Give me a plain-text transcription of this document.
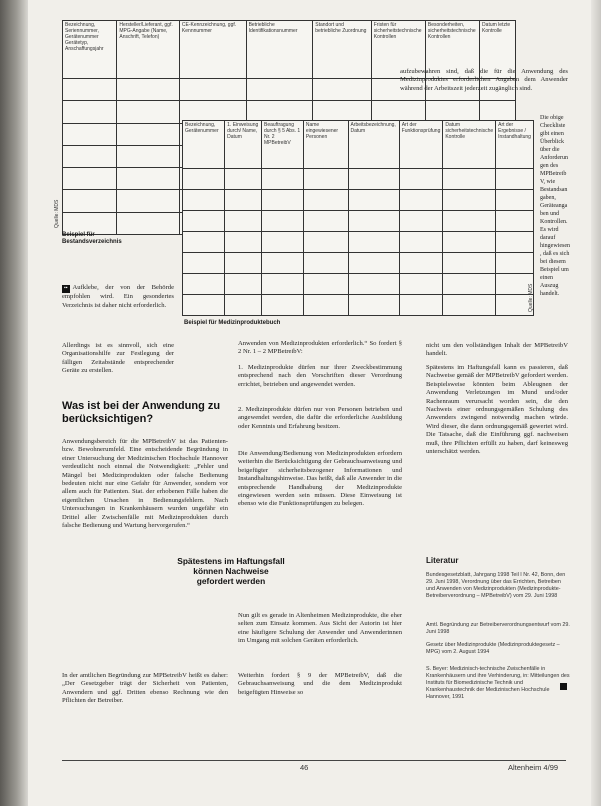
Bezeichnung, Seriennummer, Gerätenummer Gerätetyp, Anschaffungsjahr	Hersteller/Lieferant, ggf. MPG-Angabe (Name, Anschrift, Telefon)	CE-Kennzeichnung, ggf. Kennnummer	Betriebliche Identifikationsnummer	Standort und betriebliche Zuordnung	Fristen für sicherheitstechnische Kontrollen	Besonderheiten, sicherheitstechnische Kontrollen	Datum letzte Kontrolle

Quelle: MDS
Beispiel für Bestandsverzeichnis
Bezeichnung, Gerätenummer	1. Einweisung durch/ Name, Datum	Beauftragung durch § 5 Abs. 1 Nr. 2 MPBetreibV	Name eingewiesener Personen	Arbeitsbezeichnung, Datum	Art der Funktionsprüfung	Datum sicherheitstechnische Kontrolle	Art der Ergebnisse / Instandhaltung

Quelle: MDS
Beispiel für Medizinproduktebuch
aufzubewahren sind, daß die für die Anwendung des Medizinproduktes erforderlichen Angaben dem Anwender während der Arbeitszeit jederzeit zugänglich sind.
Die obige Checkliste gibt einen Überblick über die Anforderungen des MPBetreibV, wie Bestandsangaben, Geräteangaben und Kontrollen. Es wird darauf hingewiesen, daß es sich bei diesem Beispiel um einen Auszug handelt.
▪▪ Aufklebe, der von der Behörde empfohlen wird. Ein gesondertes Verzeichnis ist daher nicht erforderlich.
Allerdings ist es sinnvoll, sich eine Organisationshilfe zur Festlegung der fälligen Zeitabstände entsprechender Geräte zu erstellen.
Was ist bei der Anwendung zu berücksichtigen?
Anwendungsbereich für die MPBetreibV ist das Patienten- bzw. Bewohnerumfeld. Eine entscheidende Begründung in einer Untersuchung der Medizinischen Hochschule Hannover verdeutlicht noch einmal die Notwendigkeit: „Fehler und Mängel bei Medizinprodukten oder falsche Bedienung bedeuten nicht nur eine Gefahr für Anwender, sondern vor allem auch für Patienten. Stat. der erhobenen Fälle haben die eigentlichen Ursachen in Bedienungsfehlern. Nach Untersuchungen in Krankenhäusern wurden ungefähr ein Drittel aller Zwischenfälle mit Medizinprodukten durch falsche Bedienung und Wartung hervorgerufen.“
In der amtlichen Begründung zur MPBetreibV heißt es daher: „Der Gesetzgeber trägt der Sicherheit von Patienten, Anwendern und ggf. Dritten ebenso Rechnung wie den Pflichten der Betreiber.
Anwenden von Medizinprodukten erforderlich.“ So fordert § 2 Nr. 1 – 2 MPBetreibV:
1. Medizinprodukte dürfen nur ihrer Zweckbestimmung entsprechend nach den Vorschriften dieser Verordnung errichtet, betrieben und angewendet werden.
2. Medizinprodukte dürfen nur von Personen betrieben und angewendet werden, die dafür die erforderliche Ausbildung oder Kenntnis und Erfahrung besitzen.
Die Anwendung/Bedienung von Medizinprodukten erfordern weiterhin die Berücksichtigung der Gebrauchsanweisung und beigefügter sicherheitsbezogener Informationen und Instandhaltungshinweise. Das heißt, daß alle Anwender in die entsprechende Handhabung der Medizinprodukte eingewiesen werden sein müssen. Diese Einweisung ist ebenso wie die Funktionsprüfungen zu belegen.
Spätestens im Haftungsfall können Nachweise gefordert werden
Nun gilt es gerade in Altenheimen Medizinprodukte, die eher selten zum Einsatz kommen. Aus Sicht der Autorin ist hier eine häufigere Schulung der Anwender und Anwenderinnen im Umgang mit solchen Geräten erforderlich.
Weiterhin fordert § 9 der MPBetreibV, daß die Gebrauchsanweisung und die dem Medizinprodukt beigefügten Hinweise so
nicht um den vollständigen Inhalt der MPBetreibV handelt.
Spätestens im Haftungsfall kann es passieren, daß Nachweise gemäß der MPBetreibV gefordert werden. Beispielsweise könnten beim Ableugnen der Anwendung Verletzungen im Mund und/oder Rachenraum verursacht worden sein, die den Nachweis einer ordnungsgemäßen Schulung des Anwenders zwingend notwendig machen würde. Wird dieser, die dann ordnungsgemäß gewertet wird. Die Tatsache, daß die Einführung ggf. nachweisen muß, ihre Pflichten erfüllt zu haben, darf keinesweg unterschätzt werden.
Literatur
Bundesgesetzblatt, Jahrgang 1998 Teil I Nr. 42, Bonn, den 29. Juni 1998, Verordnung über das Errichten, Betreiben und Anwenden von Medizinprodukten (Medizinprodukte-Betreiberverordnung – MPBetreibV) vom 29. Juni 1998
Amtl. Begründung zur Betreiberverordnungsentwurf vom 29. Juni 1998
Gesetz über Medizinprodukte (Medizinproduktegesetz – MPG) vom 2. August 1994
S. Beyer: Medizinisch-technische Zwischenfälle in Krankenhäusern und ihre Verhinderung, in: Mitteilungen des Instituts für Biomedizinische Technik und Krankenhaustechnik der Medizinischen Hochschule Hannover, 1991
46	Altenheim 4/99
